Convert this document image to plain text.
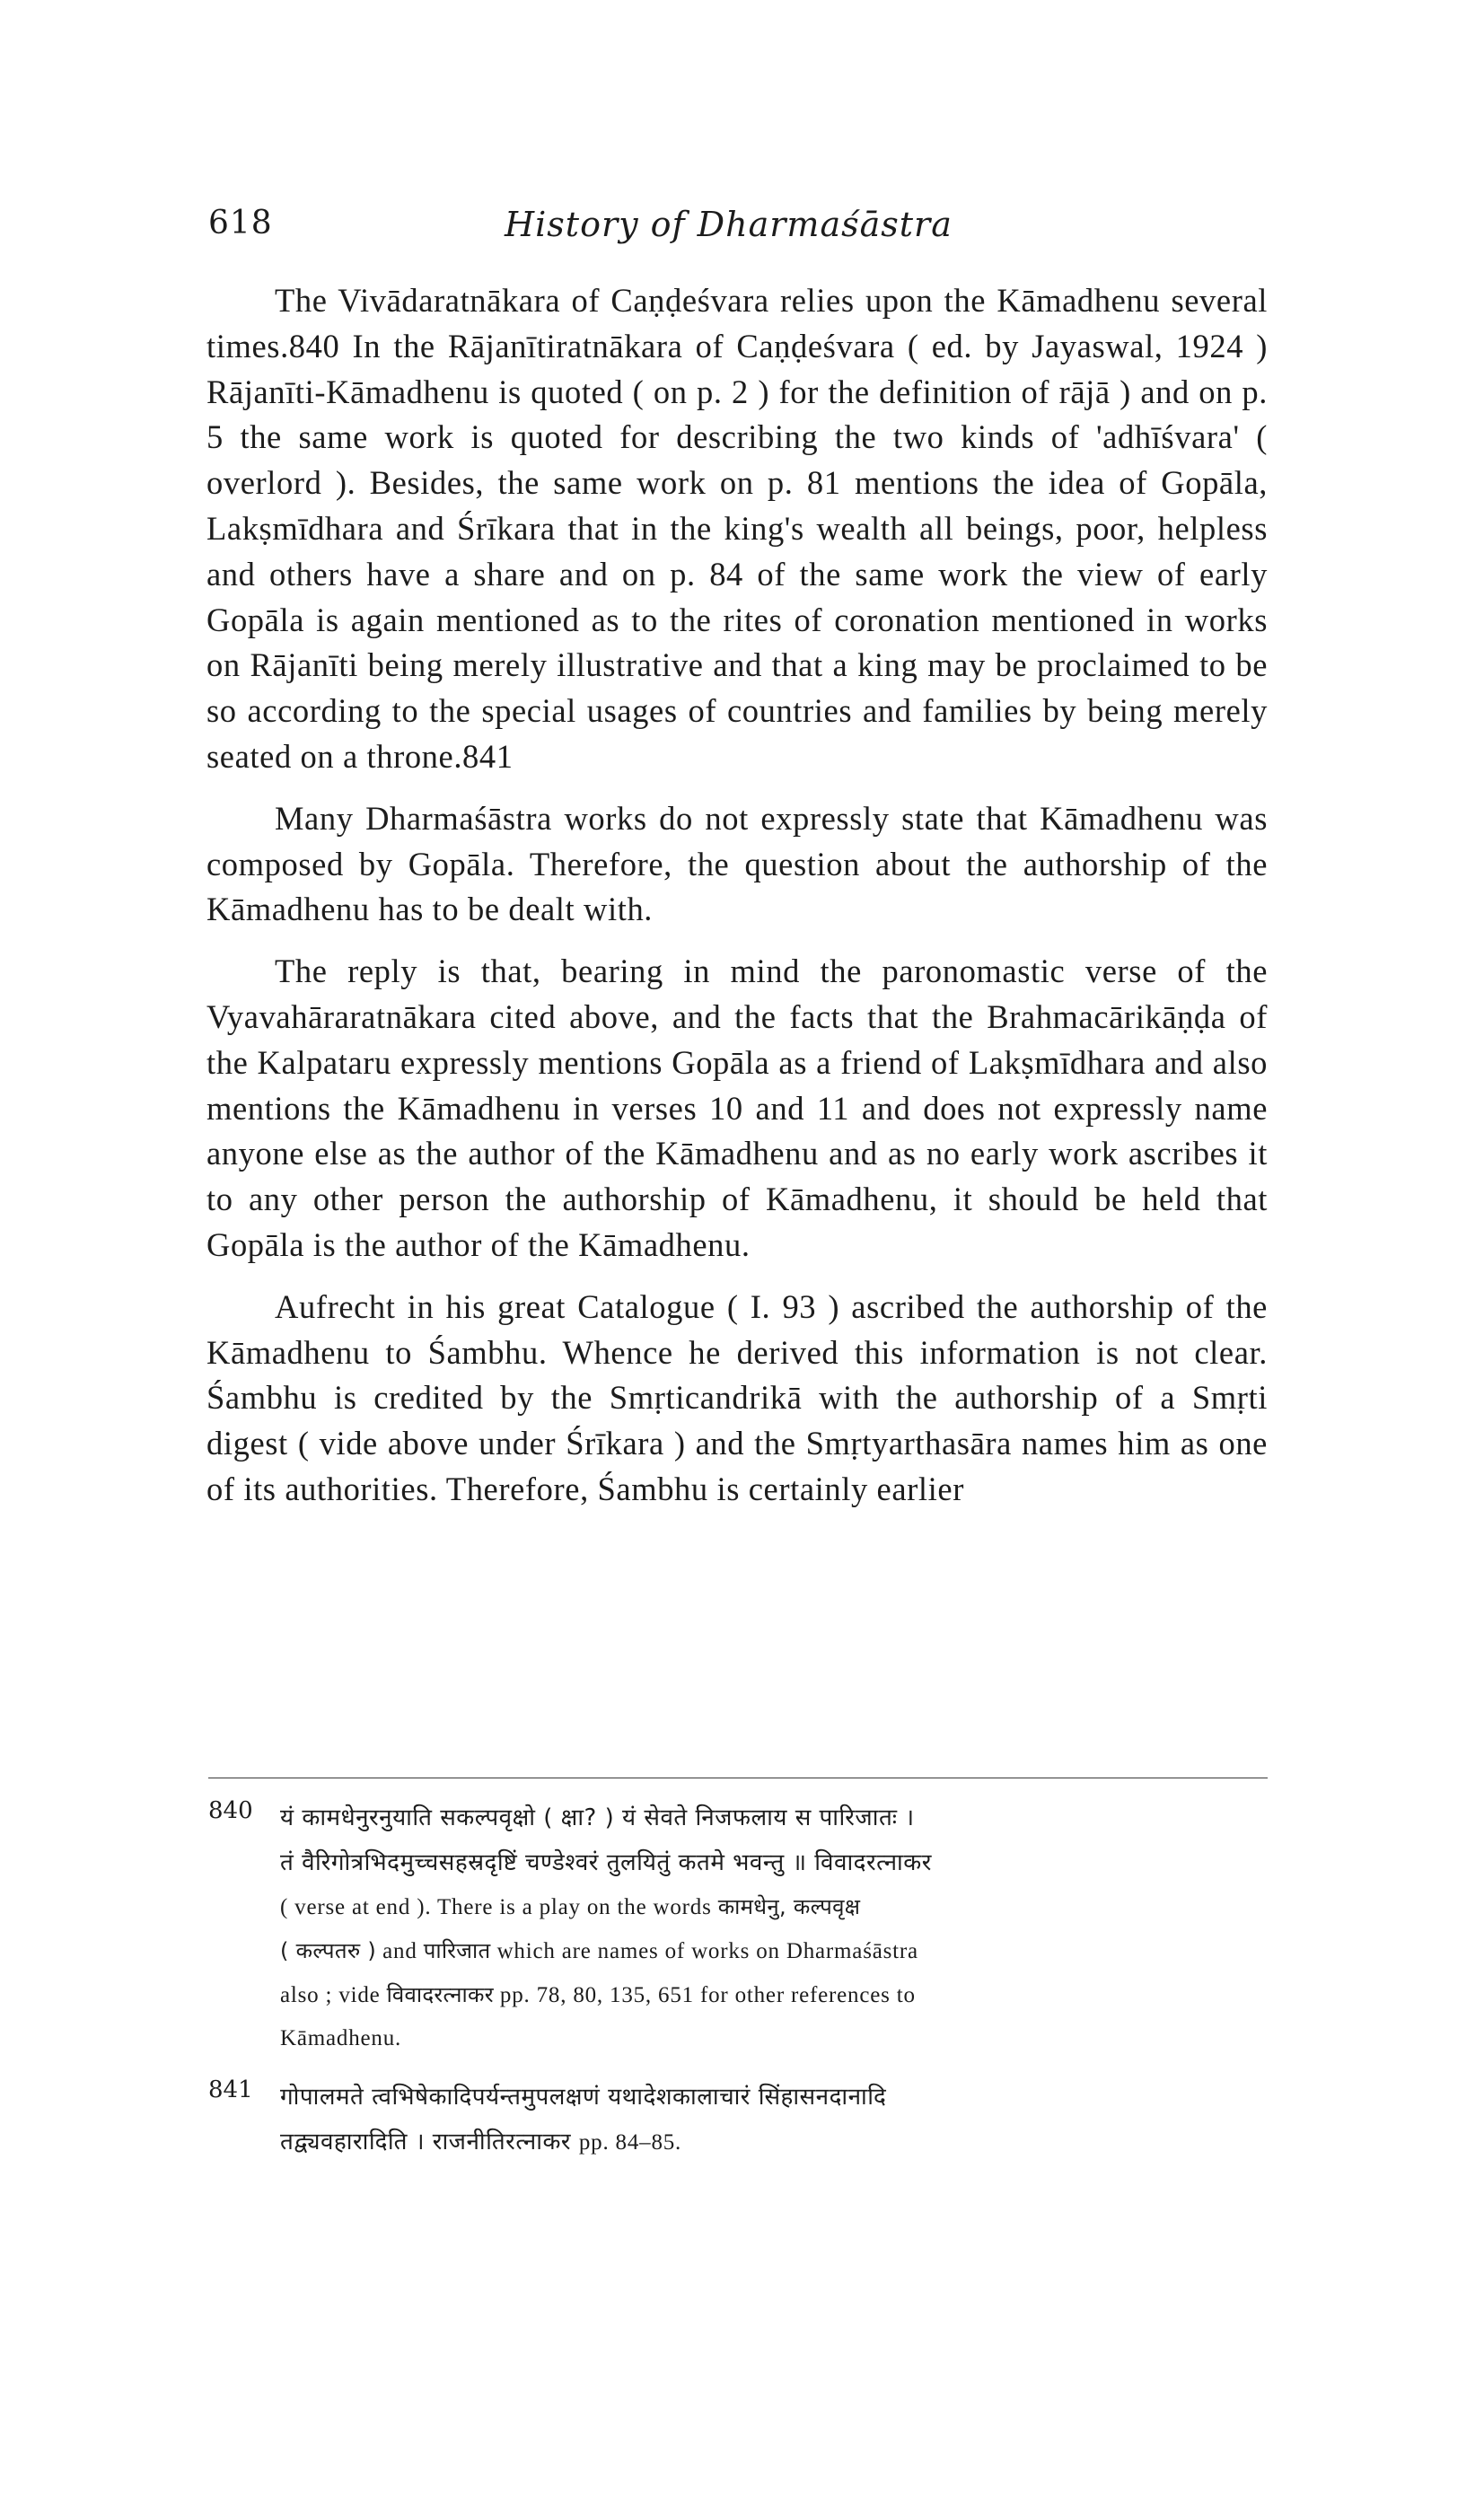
618	History of Dharmaśāstra

The Vivādaratnākara of Caṇḍeśvara relies upon the Kāmadhenu several times.840 In the Rājanītiratnākara of Caṇḍeśvara ( ed. by Jayaswal, 1924 ) Rājanīti-Kāmadhenu is quoted ( on p. 2 ) for the definition of rājā ) and on p. 5 the same work is quoted for describing the two kinds of 'adhīśvara' ( overlord ). Besides, the same work on p. 81 mentions the idea of Gopāla, Lakṣmīdhara and Śrīkara that in the king's wealth all beings, poor, helpless and others have a share and on p. 84 of the same work the view of early Gopāla is again mentioned as to the rites of coronation mentioned in works on Rājanīti being merely illustrative and that a king may be proclaimed to be so according to the special usages of countries and families by being merely seated on a throne.841

Many Dharmaśāstra works do not expressly state that Kāmadhenu was composed by Gopāla. Therefore, the question about the authorship of the Kāmadhenu has to be dealt with.

The reply is that, bearing in mind the paronomastic verse of the Vyavahāraratnākara cited above, and the facts that the Brahmacārikāṇḍa of the Kalpataru expressly mentions Gopāla as a friend of Lakṣmīdhara and also mentions the Kāmadhenu in verses 10 and 11 and does not expressly name anyone else as the author of the Kāmadhenu and as no early work ascribes it to any other person the authorship of Kāmadhenu, it should be held that Gopāla is the author of the Kāmadhenu.

Aufrecht in his great Catalogue ( I. 93 ) ascribed the authorship of the Kāmadhenu to Śambhu. Whence he derived this information is not clear. Śambhu is credited by the Smṛticandrikā with the authorship of a Smṛti digest ( vide above under Śrīkara ) and the Smṛtyarthasāra names him as one of its authorities. Therefore, Śambhu is certainly earlier

840 यं कामधेनुरनुयाति सकल्पवृक्षो ( क्षा? ) यं सेवते निजफलाय स पारिजातः ।
तं वैरिगोत्रभिदमुच्चसहस्रदृष्टिं चण्डेश्वरं तुलयितुं कतमे भवन्तु ॥ विवादरत्नाकर
( verse at end ). There is a play on the words कामधेनु, कल्पवृक्ष
( कल्पतरु ) and पारिजात which are names of works on Dharmaśāstra
also ; vide विवादरत्नाकर pp. 78, 80, 135, 651 for other references to
Kāmadhenu.
841 गोपालमते त्वभिषेकादिपर्यन्तमुपलक्षणं यथादेशकालाचारं सिंहासनदानादि
तद्व्यवहारादिति । राजनीतिरत्नाकर pp. 84–85.
